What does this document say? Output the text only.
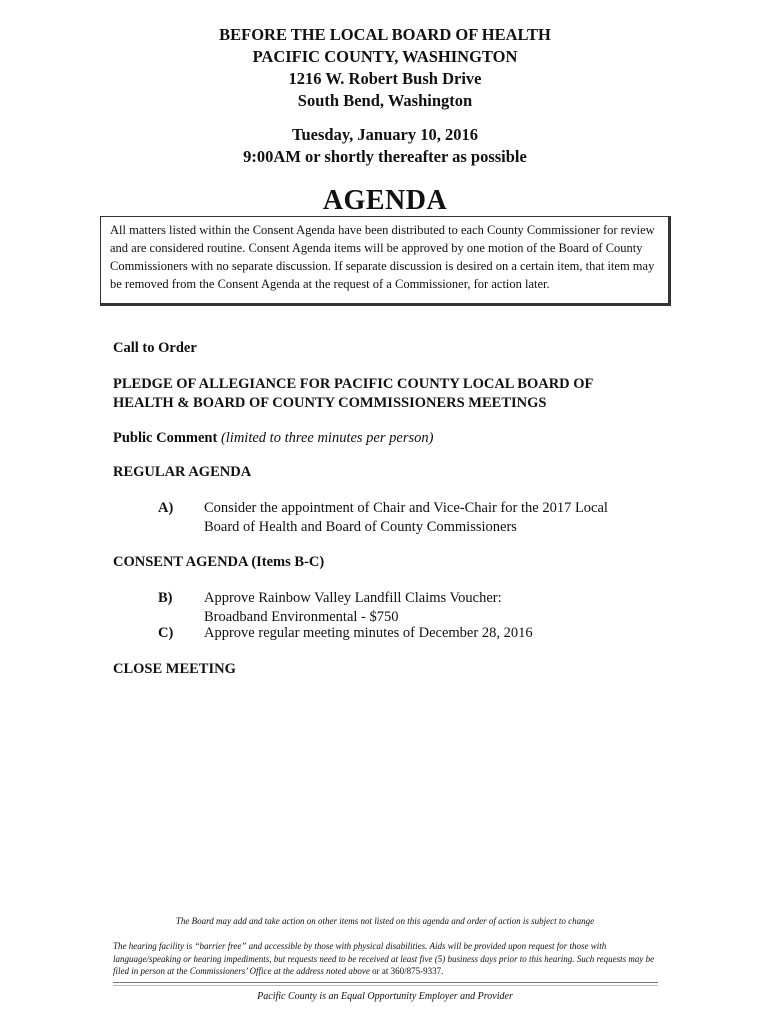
BEFORE THE LOCAL BOARD OF HEALTH
PACIFIC COUNTY, WASHINGTON
1216 W. Robert Bush Drive
South Bend, Washington
Tuesday, January 10, 2016
9:00AM or shortly thereafter as possible
AGENDA
All matters listed within the Consent Agenda have been distributed to each County Commissioner for review and are considered routine. Consent Agenda items will be approved by one motion of the Board of County Commissioners with no separate discussion. If separate discussion is desired on a certain item, that item may be removed from the Consent Agenda at the request of a Commissioner, for action later.
Call to Order
PLEDGE OF ALLEGIANCE FOR PACIFIC COUNTY LOCAL BOARD OF HEALTH & BOARD OF COUNTY COMMISSIONERS MEETINGS
Public Comment (limited to three minutes per person)
REGULAR AGENDA
A) Consider the appointment of Chair and Vice-Chair for the 2017 Local Board of Health and Board of County Commissioners
CONSENT AGENDA (Items B-C)
B) Approve Rainbow Valley Landfill Claims Voucher: Broadband Environmental - $750
C) Approve regular meeting minutes of December 28, 2016
CLOSE MEETING
The Board may add and take action on other items not listed on this agenda and order of action is subject to change
The hearing facility is “barrier free” and accessible by those with physical disabilities. Aids will be provided upon request for those with language/speaking or hearing impediments, but requests need to be received at least five (5) business days prior to this hearing. Such requests may be filed in person at the Commissioners’ Office at the address noted above or at 360/875-9337.
Pacific County is an Equal Opportunity Employer and Provider
